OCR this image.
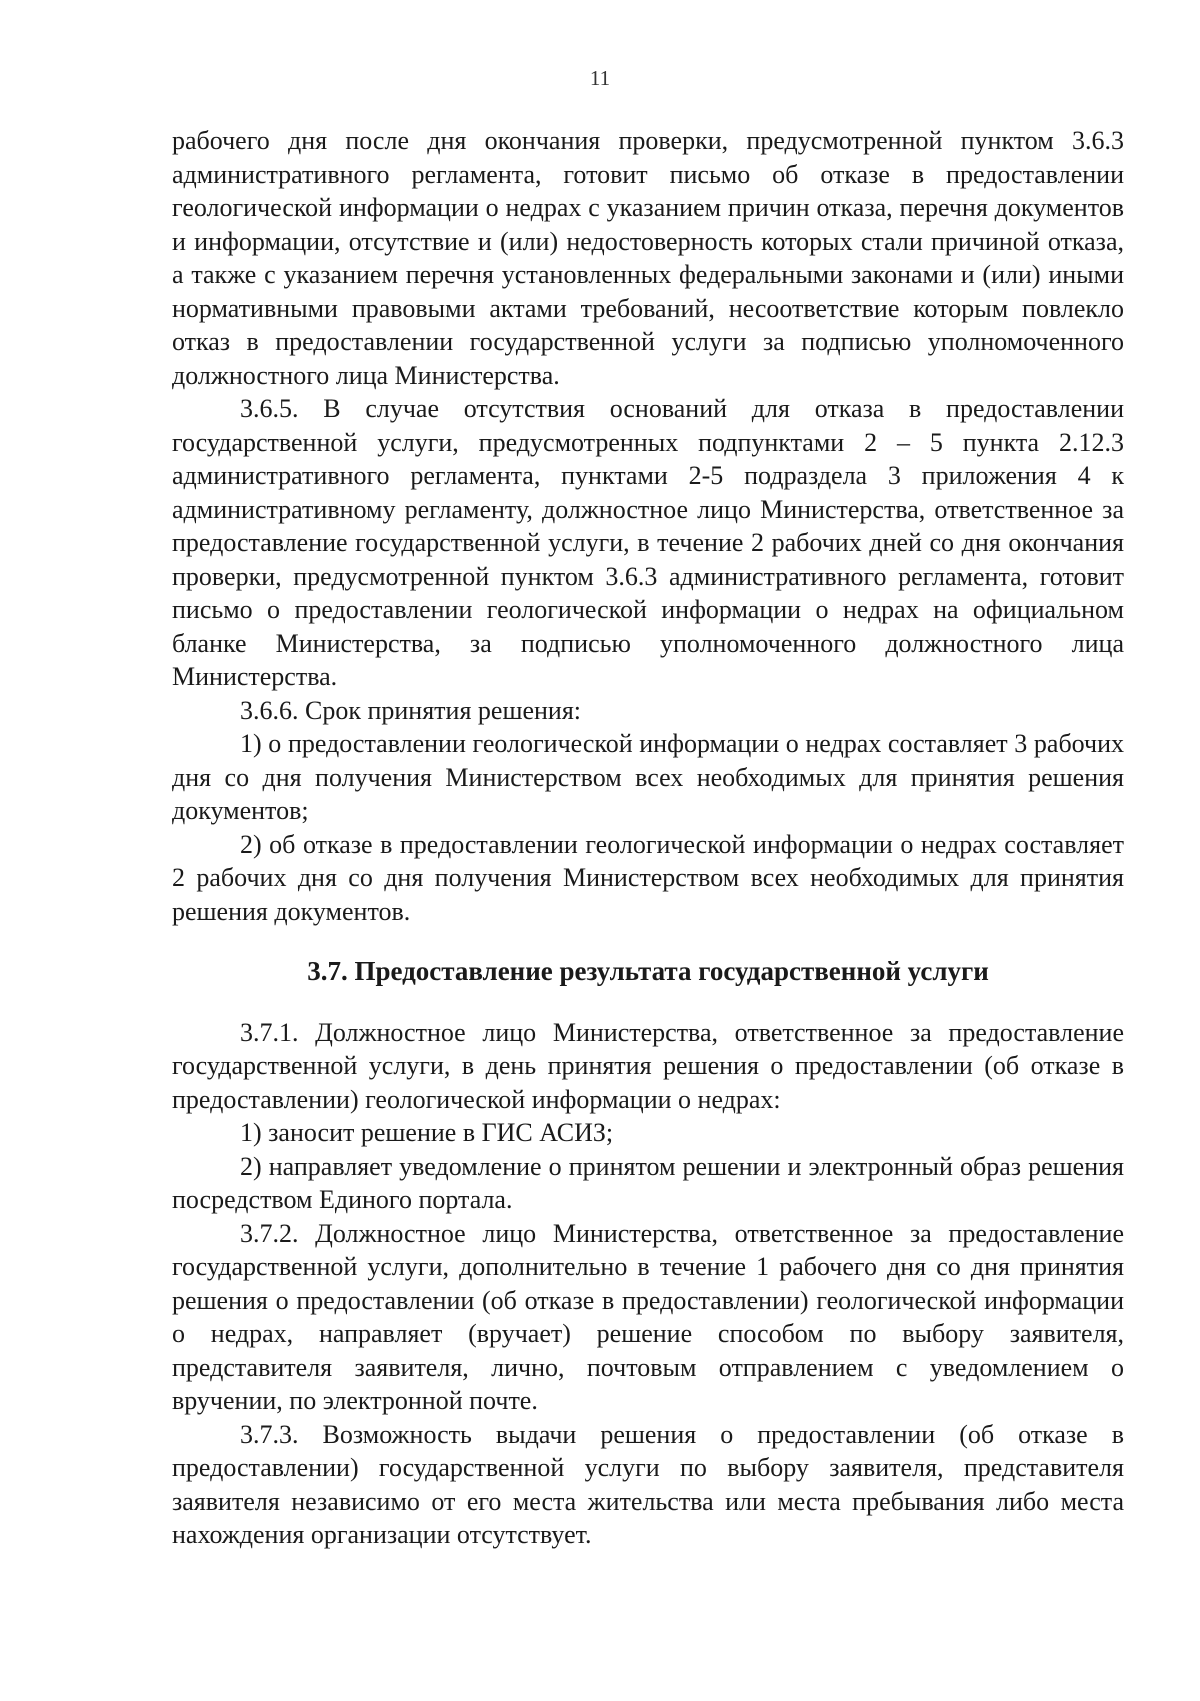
11

рабочего дня после дня окончания проверки, предусмотренной пунктом 3.6.3 административного регламента, готовит письмо об отказе в предоставлении геологической информации о недрах с указанием причин отказа, перечня документов и информации, отсутствие и (или) недостоверность которых стали причиной отказа, а также с указанием перечня установленных федеральными законами и (или) иными нормативными правовыми актами требований, несоответствие которым повлекло отказ в предоставлении государственной услуги за подписью уполномоченного должностного лица Министерства.

3.6.5. В случае отсутствия оснований для отказа в предоставлении государственной услуги, предусмотренных подпунктами 2 – 5 пункта 2.12.3 административного регламента, пунктами 2-5 подраздела 3 приложения 4 к административному регламенту, должностное лицо Министерства, ответственное за предоставление государственной услуги, в течение 2 рабочих дней со дня окончания проверки, предусмотренной пунктом 3.6.3 административного регламента, готовит письмо о предоставлении геологической информации о недрах на официальном бланке Министерства, за подписью уполномоченного должностного лица Министерства.

3.6.6. Срок принятия решения:

1) о предоставлении геологической информации о недрах составляет 3 рабочих дня со дня получения Министерством всех необходимых для принятия решения документов;

2) об отказе в предоставлении геологической информации о недрах составляет 2 рабочих дня со дня получения Министерством всех необходимых для принятия решения документов.

3.7. Предоставление результата государственной услуги

3.7.1. Должностное лицо Министерства, ответственное за предоставление государственной услуги, в день принятия решения о предоставлении (об отказе в предоставлении) геологической информации о недрах:

1) заносит решение в ГИС АСИЗ;

2) направляет уведомление о принятом решении и электронный образ решения посредством Единого портала.

3.7.2. Должностное лицо Министерства, ответственное за предоставление государственной услуги, дополнительно в течение 1 рабочего дня со дня принятия решения о предоставлении (об отказе в предоставлении) геологической информации о недрах, направляет (вручает) решение способом по выбору заявителя, представителя заявителя, лично, почтовым отправлением с уведомлением о вручении, по электронной почте.

3.7.3. Возможность выдачи решения о предоставлении (об отказе в предоставлении) государственной услуги по выбору заявителя, представителя заявителя независимо от его места жительства или места пребывания либо места нахождения организации отсутствует.
